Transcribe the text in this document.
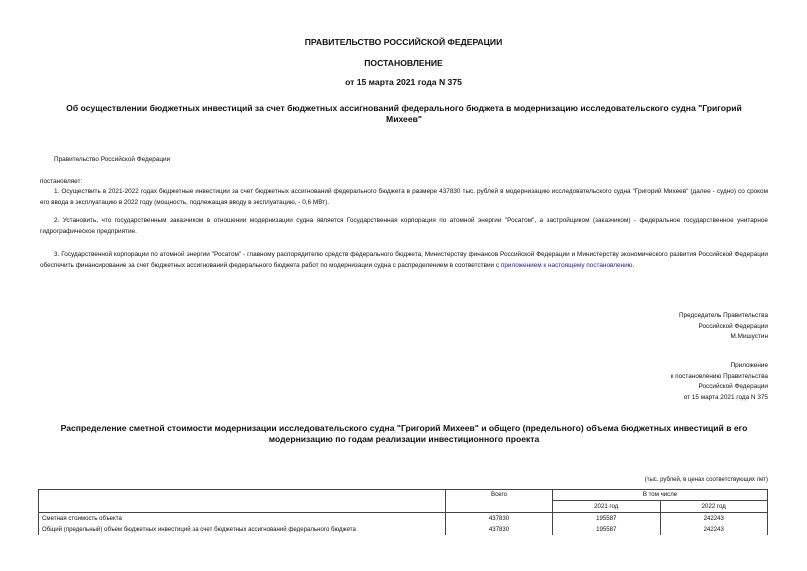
ПРАВИТЕЛЬСТВО РОССИЙСКОЙ ФЕДЕРАЦИИ
ПОСТАНОВЛЕНИЕ
от 15 марта 2021 года N 375
Об осуществлении бюджетных инвестиций за счет бюджетных ассигнований федерального бюджета в модернизацию исследовательского судна "Григорий
Михеев"
Правительство Российской Федерации
постановляет:
1. Осуществить в 2021-2022 годах бюджетные инвестиции за счет бюджетных ассигнований федерального бюджета в размере 437830 тыс. рублей в модернизацию исследовательского судна "Григорий Михеев" (далее - судно) со сроком его ввода в эксплуатацию в 2022 году (мощность, подлежащая вводу в эксплуатацию, - 0,6 МВт).
2. Установить, что государственным заказчиком в отношении модернизации судна является Государственная корпорация по атомной энергии "Росатом", а застройщиком (заказчиком) - федеральное государственное унитарное гидрографическое предприятие.
3. Государственной корпорации по атомной энергии "Росатом" - главному распорядителю средств федерального бюджета, Министерству финансов Российской Федерации и Министерству экономического развития Российской Федерации обеспечить финансирование за счет бюджетных ассигнований федерального бюджета работ по модернизации судна с распределением в соответствии с приложением к настоящему постановлению.
Председатель Правительства
Российской Федерации
М.Мишустин
Приложение
к постановлению Правительства
Российской Федерации
от 15 марта 2021 года N 375
Распределение сметной стоимости модернизации исследовательского судна "Григорий Михеев" и общего (предельного) объема бюджетных инвестиций в его
модернизацию по годам реализации инвестиционного проекта
(тыс. рублей, в ценах соответствующих лет)
	Всего	В том числе	
		2021 год	2022 год
Сметная стоимость объекта	437830	195587	242243
Общий (предельный) объем бюджетных инвестиций за счет бюджетных ассигнований федерального бюджета	437830	195587	242243
